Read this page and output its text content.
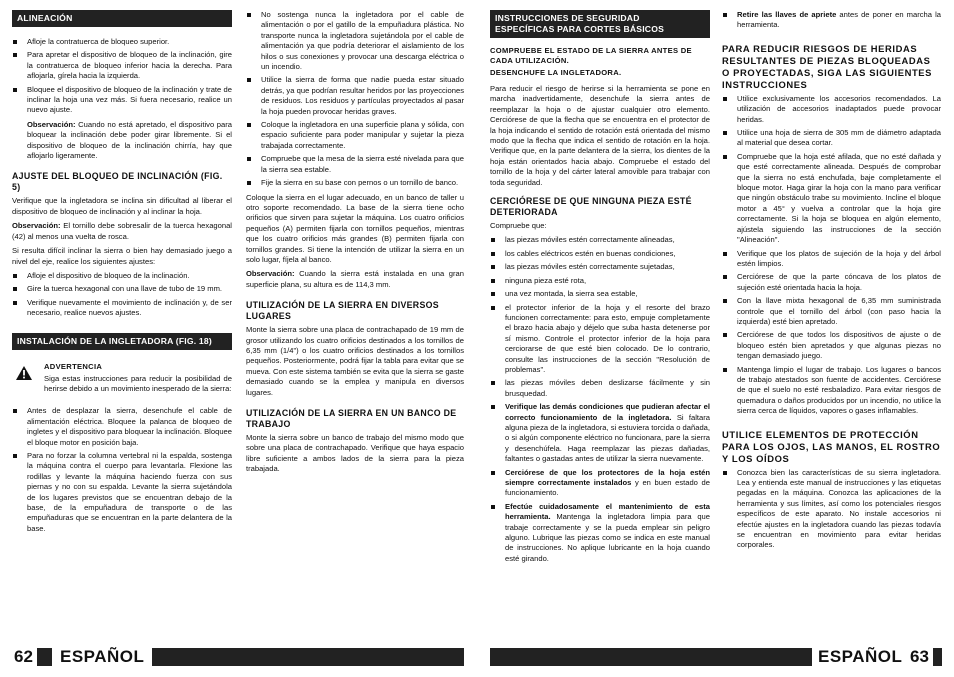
ALINEACIÓN
Afloje la contratuerca de bloqueo superior.
Para apretar el dispositivo de bloqueo de la inclinación, gire la contratuerca de bloqueo inferior hacia la derecha. Para aflojarla, gírela hacia la izquierda.
Bloquee el dispositivo de bloqueo de la inclinación y trate de inclinar la hoja una vez más. Si fuera necesario, realice un nuevo ajuste.
Observación: Cuando no está apretado, el dispositivo para bloquear la inclinación debe poder girar libremente. Si el dispositivo de bloqueo de la inclinación chirría, hay que aflojarlo ligeramente.
AJUSTE DEL BLOQUEO DE INCLINACIÓN (FIG. 5)

Verifique que la ingletadora se inclina sin dificultad al liberar el dispositivo de bloqueo de inclinación y al inclinar la hoja.

Observación: El tornillo debe sobresalir de la tuerca hexagonal (42) al menos una vuelta de rosca.

Si resulta difícil inclinar la sierra o bien hay demasiado juego a nivel del eje, realice los siguientes ajustes:

Afloje el dispositivo de bloqueo de la inclinación.
Gire la tuerca hexagonal con una llave de tubo de 19 mm.
Verifique nuevamente el movimiento de inclinación y, de ser necesario, realice nuevos ajustes.
INSTALACIÓN DE LA INGLETADORA (FIG. 18)
ADVERTENCIA

Siga estas instrucciones para reducir la posibilidad de herirse debido a un movimiento inesperado de la sierra:

Antes de desplazar la sierra, desenchufe el cable de alimentación eléctrica. Bloquee la palanca de bloqueo de ingletes y el dispositivo para bloquear la inclinación. Bloquee el bloque motor en posición baja.
Para no forzar la columna vertebral ni la espalda, sostenga la máquina contra el cuerpo para levantarla. Flexione las rodillas y levante la máquina haciendo fuerza con sus piernas y no con su espalda. Levante la sierra sujetándola de los lugares previstos que se encuentran debajo de la base, de la empuñadura de transporte o de las empuñaduras que se encuentran en la parte delantera de la base.
No sostenga nunca la ingletadora por el cable de alimentación o por el gatillo de la empuñadura plástica. No transporte nunca la ingletadora sujetándola por el cable de alimentación ya que podría deteriorar el aislamiento de los hilos o sus conexiones y provocar una descarga eléctrica o un incendio.
Utilice la sierra de forma que nadie pueda estar situado detrás, ya que podrían resultar heridos por las proyecciones de residuos. Los residuos y partículas proyectados al pasar la hoja pueden provocar heridas graves.
Coloque la ingletadora en una superficie plana y sólida, con espacio suficiente para poder manipular y sujetar la pieza trabajada correctamente.
Compruebe que la mesa de la sierra esté nivelada para que la sierra sea estable.
Fije la sierra en su base con pernos o un tornillo de banco.

Coloque la sierra en el lugar adecuado, en un banco de taller u otro soporte recomendado. La base de la sierra tiene ocho orificios que sirven para sujetar la máquina. Los cuatro orificios pequeños (A) permiten fijarla con tornillos pequeños, mientras que los cuatro orificios más grandes (B) permiten fijarla con tornillos grandes. Si tiene la intención de utilizar la sierra en un solo lugar, fíjela al banco.

Observación: Cuando la sierra está instalada en una gran superficie plana, su altura es de 114,3 mm.

UTILIZACIÓN DE LA SIERRA EN DIVERSOS LUGARES

Monte la sierra sobre una placa de contrachapado de 19 mm de grosor utilizando los cuatro orificios destinados a los tornillos de 6,35 mm (1/4") o los cuatro orificios destinados a los tornillos pequeños. Posteriormente, podrá fijar la tabla para evitar que se mueva. Con este sistema también se evita que la sierra se gaste demasiado cuando se la emplea y manipula en diversos lugares.

UTILIZACIÓN DE LA SIERRA EN UN BANCO DE TRABAJO

Monte la sierra sobre un banco de trabajo del mismo modo que sobre una placa de contrachapado. Verifique que haya espacio libre suficiente a ambos lados de la sierra para la pieza trabajada.

INSTRUCCIONES DE SEGURIDAD
ESPECÍFICAS PARA CORTES BÁSICOS
COMPRUEBE EL ESTADO DE LA SIERRA ANTES DE CADA UTILIZACIÓN.
DESENCHUFE LA INGLETADORA.

Para reducir el riesgo de herirse si la herramienta se pone en marcha inadvertidamente, desenchufe la sierra antes de reemplazar la hoja o de ajustar cualquier otro elemento. Cerciórese de que la flecha que se encuentra en el protector de la hoja indicando el sentido de rotación está orientada del mismo modo que la flecha que indica el sentido de rotación en la hoja. Verifique que, en la parte delantera de la sierra, los dientes de la hoja están orientados hacia abajo. Compruebe el estado del tornillo de la hoja y del cárter lateral amovible para trabajar con toda seguridad.

CERCIÓRESE DE QUE NINGUNA PIEZA ESTÉ DETERIORADA

Compruebe que:

las piezas móviles estén correctamente alineadas,
los cables eléctricos estén en buenas condiciones,
las piezas móviles estén correctamente sujetadas,
ninguna pieza esté rota,
una vez montada, la sierra sea estable,
el protector inferior de la hoja y el resorte del brazo funcionen correctamente: para esto, empuje completamente el brazo hacia abajo y déjelo que suba hasta detenerse por sí mismo. Controle el protector inferior de la hoja para cerciorarse de que esté bien colocado. De lo contrario, consulte las instrucciones de la sección "Resolución de problemas".
las piezas móviles deben deslizarse fácilmente y sin brusquedad.
Verifique las demás condiciones que pudieran afectar el correcto funcionamiento de la ingletadora. Si faltara alguna pieza de la ingletadora, si estuviera torcida o dañada, o si algún componente eléctrico no funcionara, pare la sierra y desenchúfela. Haga reemplazar las piezas dañadas, faltantes o gastadas antes de utilizar la sierra nuevamente.
Cerciórese de que los protectores de la hoja estén siempre correctamente instalados y en buen estado de funcionamiento.
Efectúe cuidadosamente el mantenimiento de esta herramienta. Mantenga la ingletadora limpia para que trabaje correctamente y se la pueda emplear sin peligro alguno. Lubrique las piezas como se indica en este manual de instrucciones. No aplique lubricante en la hoja cuando esté girando.
Retire las llaves de apriete antes de poner en marcha la herramienta.
PARA REDUCIR RIESGOS DE HERIDAS RESULTANTES DE PIEZAS BLOQUEADAS O PROYECTADAS, SIGA LAS SIGUIENTES INSTRUCCIONES
Utilice exclusivamente los accesorios recomendados. La utilización de accesorios inadaptados puede provocar heridas.
Utilice una hoja de sierra de 305 mm de diámetro adaptada al material que desea cortar.
Compruebe que la hoja esté afilada, que no esté dañada y que esté correctamente alineada. Después de comprobar que la sierra no está enchufada, baje completamente el bloque motor. Haga girar la hoja con la mano para verificar que ningún obstáculo trabe su movimiento. Incline el bloque motor a 45° y vuelva a controlar que la hoja gire correctamente. Si la hoja se bloquea en algún elemento, ajústela siguiendo las instrucciones de la sección "Alineación".
Verifique que los platos de sujeción de la hoja y del árbol estén limpios.
Cerciórese de que la parte cóncava de los platos de sujeción esté orientada hacia la hoja.
Con la llave mixta hexagonal de 6,35 mm suministrada controle que el tornillo del árbol (con paso hacia la izquierda) esté bien apretado.
Cerciórese de que todos los dispositivos de ajuste o de bloqueo estén bien apretados y que algunas piezas no tengan demasiado juego.
Mantenga limpio el lugar de trabajo. Los lugares o bancos de trabajo atestados son fuente de accidentes. Cerciórese de que el suelo no esté resbaladizo. Para evitar riesgos de quemadura o daños producidos por un incendio, no utilice la sierra cerca de líquidos, vapores o gases inflamables.
UTILICE ELEMENTOS DE PROTECCIÓN PARA LOS OJOS, LAS MANOS, EL ROSTRO Y LOS OÍDOS
Conozca bien las características de su sierra ingletadora. Lea y entienda este manual de instrucciones y las etiquetas pegadas en la máquina. Conozca las aplicaciones de la herramienta y sus límites, así como los potenciales riesgos específicos de este aparato. No instale accesorios ni efectúe ajustes en la ingletadora cuando las piezas todavía se encuentran en movimiento para evitar heridas corporales.
62	ESPAÑOL	ESPAÑOL 63
